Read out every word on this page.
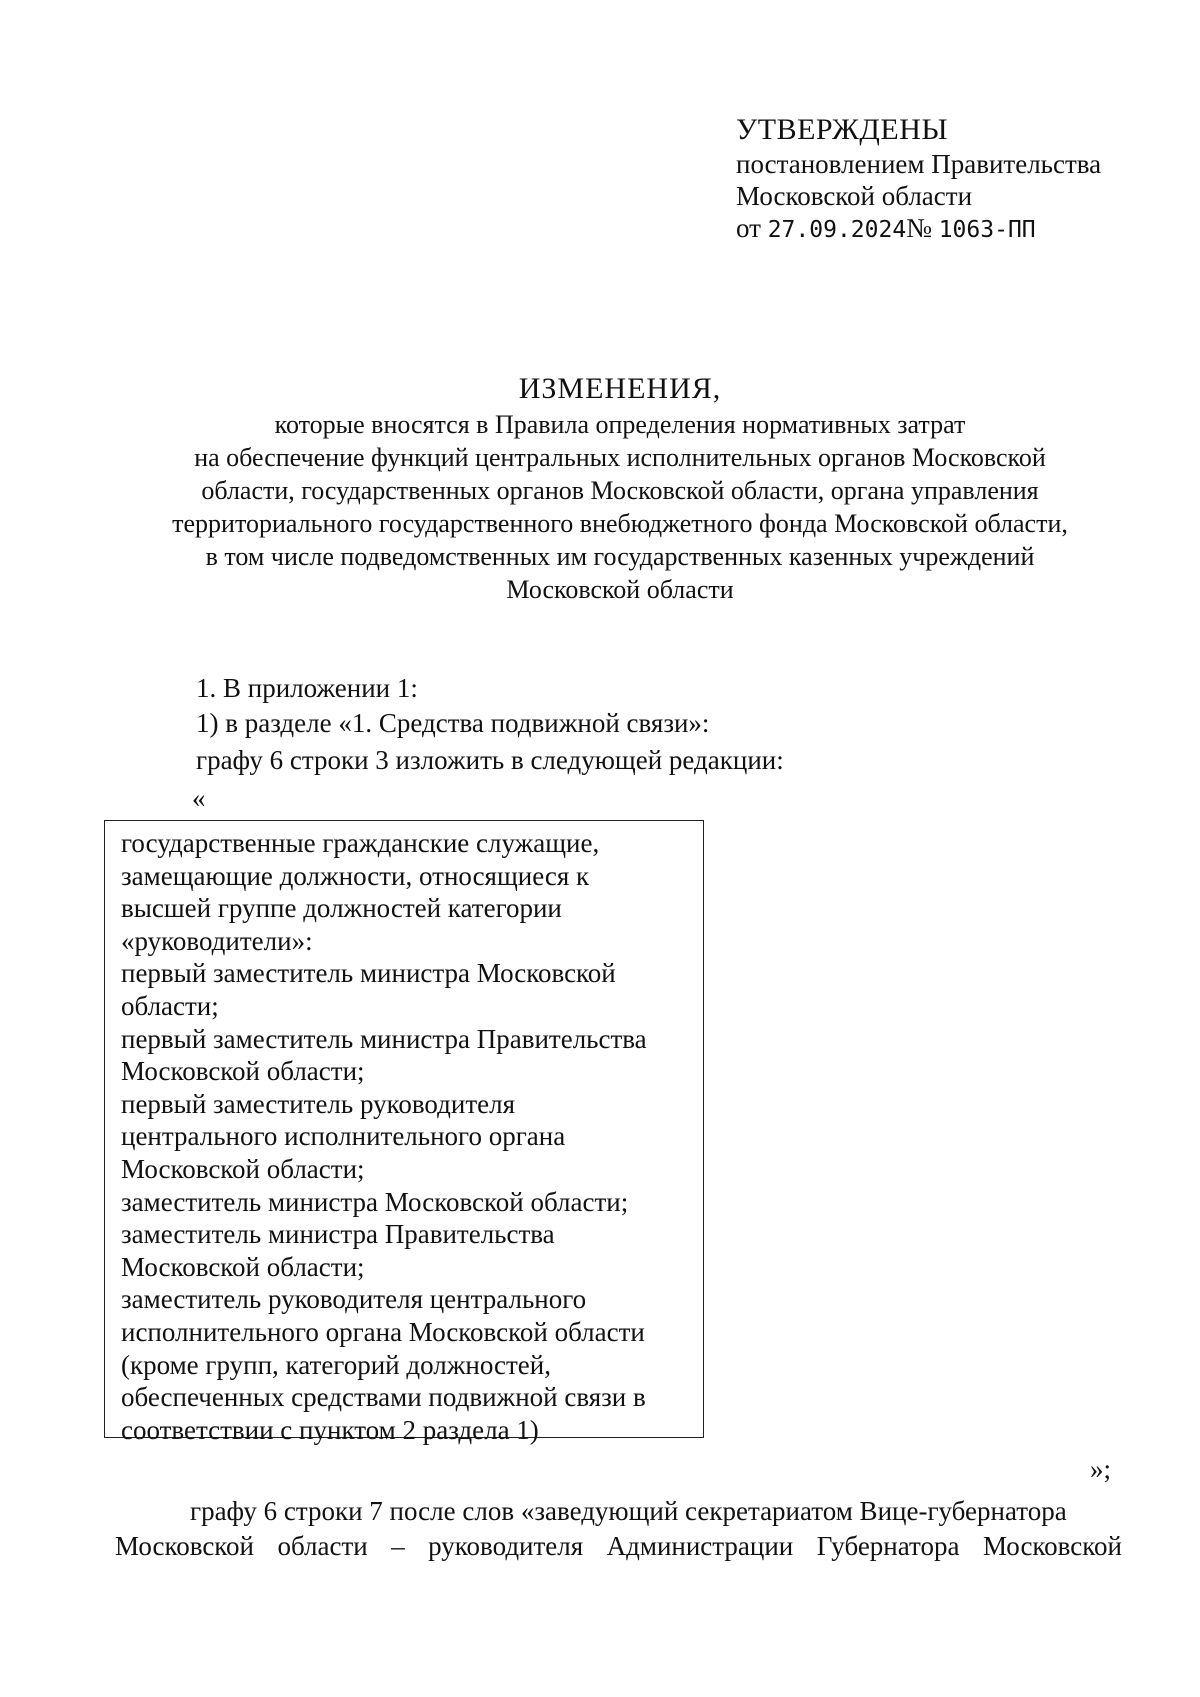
УТВЕРЖДЕНЫ
постановлением Правительства
Московской области
от 27.09.2024№ 1063-ПП
ИЗМЕНЕНИЯ,
которые вносятся в Правила определения нормативных затрат
на обеспечение функций центральных исполнительных органов Московской
области, государственных органов Московской области, органа управления
территориального государственного внебюджетного фонда Московской области,
в том числе подведомственных им государственных казенных учреждений
Московской области
1. В приложении 1:
1) в разделе «1. Средства подвижной связи»:
графу 6 строки 3 изложить в следующей редакции:
«
государственные гражданские служащие,
замещающие должности, относящиеся к
высшей группе должностей категории
«руководители»:
первый заместитель министра Московской
области;
первый заместитель министра Правительства
Московской области;
первый заместитель руководителя
центрального исполнительного органа
Московской области;
заместитель министра Московской области;
заместитель министра Правительства
Московской области;
заместитель руководителя центрального
исполнительного органа Московской области
(кроме групп, категорий должностей,
обеспеченных средствами подвижной связи в
соответствии с пунктом 2 раздела 1)
»;
графу 6 строки 7 после слов «заведующий секретариатом Вице-губернатора
Московской области – руководителя Администрации Губернатора Московской
